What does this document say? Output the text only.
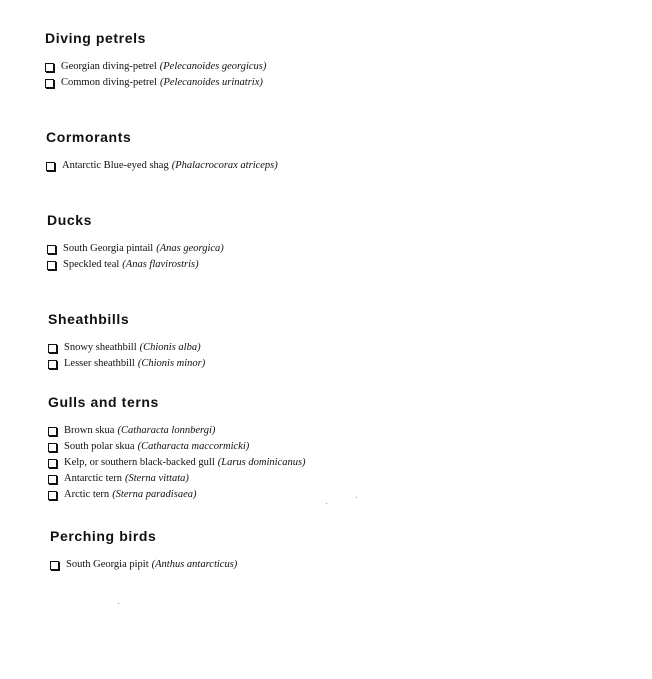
Diving petrels
Georgian diving-petrel (Pelecanoides georgicus)
Common diving-petrel (Pelecanoides urinatrix)
Cormorants
Antarctic Blue-eyed shag (Phalacrocorax atriceps)
Ducks
South Georgia pintail (Anas georgica)
Speckled teal (Anas flavirostris)
Sheathbills
Snowy sheathbill (Chionis alba)
Lesser sheathbill (Chionis minor)
Gulls and terns
Brown skua (Catharacta lonnbergi)
South polar skua (Catharacta maccormicki)
Kelp, or southern black-backed gull (Larus dominicanus)
Antarctic tern (Sterna vittata)
Arctic tern (Sterna paradisaea)
Perching birds
South Georgia pipit (Anthus antarcticus)
